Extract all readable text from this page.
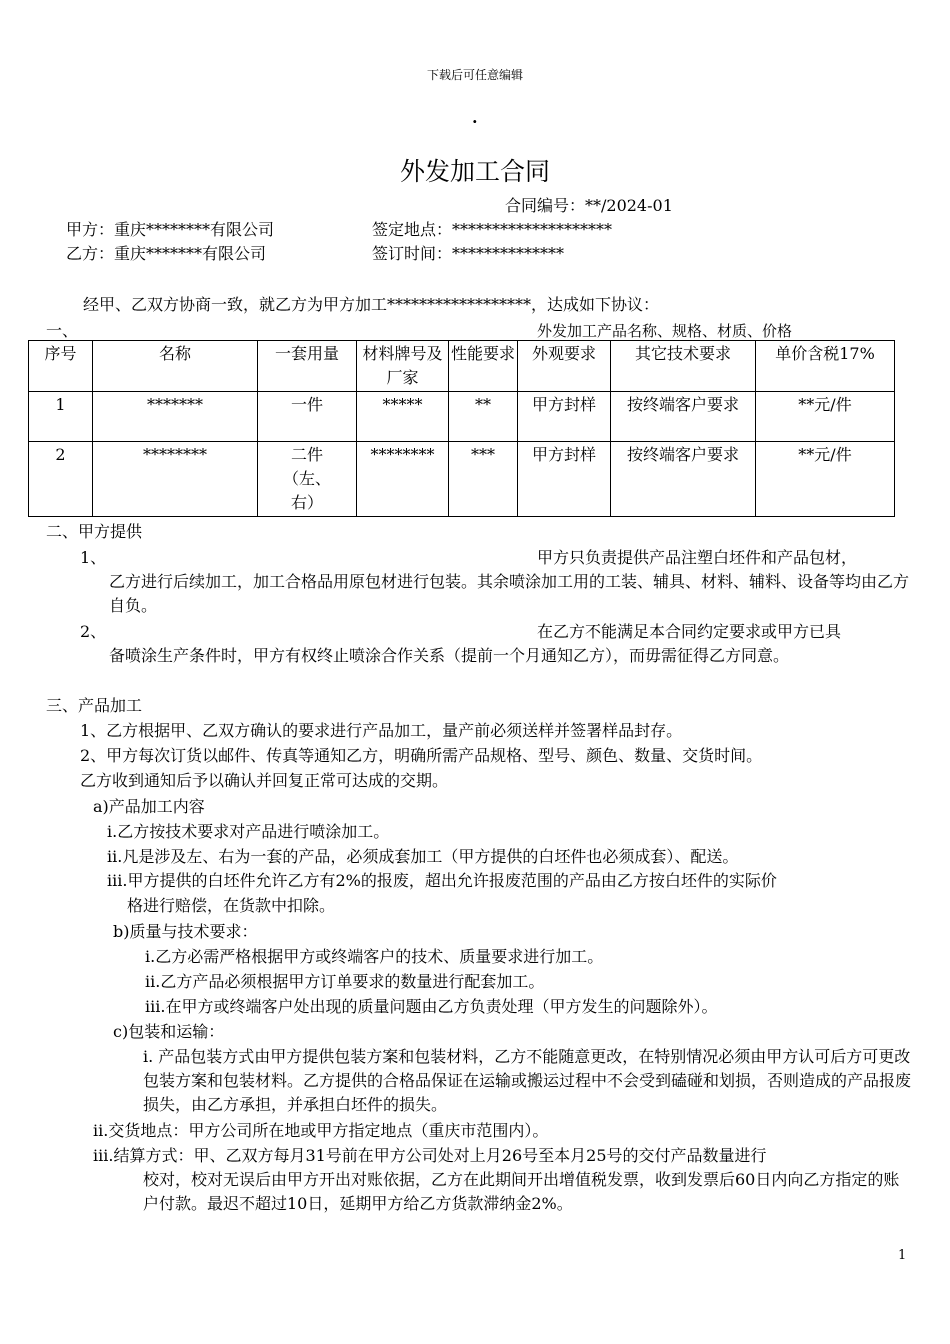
下载后可任意编辑
·
外发加工合同
合同编号：**/2024-01
甲方：重庆********有限公司	签定地点：********************
乙方：重庆*******有限公司	签订时间：**************
经甲、乙双方协商一致，就乙方为甲方加工******************，达成如下协议：
一、	外发加工产品名称、规格、材质、价格
序号	名称	一套用量	材料牌号及厂家	性能要求	外观要求	其它技术要求	单价含税17%
1	*******	一件	*****	**	甲方封样	按终端客户要求	**元/件
2	********	二件（左、右）	********	***	甲方封样	按终端客户要求	**元/件
二、甲方提供
1、	甲方只负责提供产品注塑白坯件和产品包材，
乙方进行后续加工，加工合格品用原包材进行包装。其余喷涂加工用的工装、辅具、材料、辅料、设备等均由乙方自负。
2、	在乙方不能满足本合同约定要求或甲方已具
备喷涂生产条件时，甲方有权终止喷涂合作关系（提前一个月通知乙方），而毋需征得乙方同意。
三、产品加工
1、乙方根据甲、乙双方确认的要求进行产品加工，量产前必须送样并签署样品封存。
2、甲方每次订货以邮件、传真等通知乙方，明确所需产品规格、型号、颜色、数量、交货时间。
乙方收到通知后予以确认并回复正常可达成的交期。
a)产品加工内容
i.乙方按技术要求对产品进行喷涂加工。
ii.凡是涉及左、右为一套的产品，必须成套加工（甲方提供的白坯件也必须成套）、配送。
iii.甲方提供的白坯件允许乙方有2%的报废，超出允许报废范围的产品由乙方按白坯件的实际价
格进行赔偿，在货款中扣除。
b)质量与技术要求：
i.乙方必需严格根据甲方或终端客户的技术、质量要求进行加工。
ii.乙方产品必须根据甲方订单要求的数量进行配套加工。
iii.在甲方或终端客户处出现的质量问题由乙方负责处理（甲方发生的问题除外）。
c)包装和运输：
i. 产品包装方式由甲方提供包装方案和包装材料，乙方不能随意更改，在特别情况必须由甲方认可后方可更改包装方案和包装材料。乙方提供的合格品保证在运输或搬运过程中不会受到磕碰和划损，否则造成的产品报废损失，由乙方承担，并承担白坯件的损失。
ii.交货地点：甲方公司所在地或甲方指定地点（重庆市范围内）。
iii.结算方式：甲、乙双方每月31号前在甲方公司处对上月26号至本月25号的交付产品数量进行
校对，校对无误后由甲方开出对账依据，乙方在此期间开出增值税发票，收到发票后60日内向乙方指定的账户付款。最迟不超过10日，延期甲方给乙方货款滞纳金2%。
1
